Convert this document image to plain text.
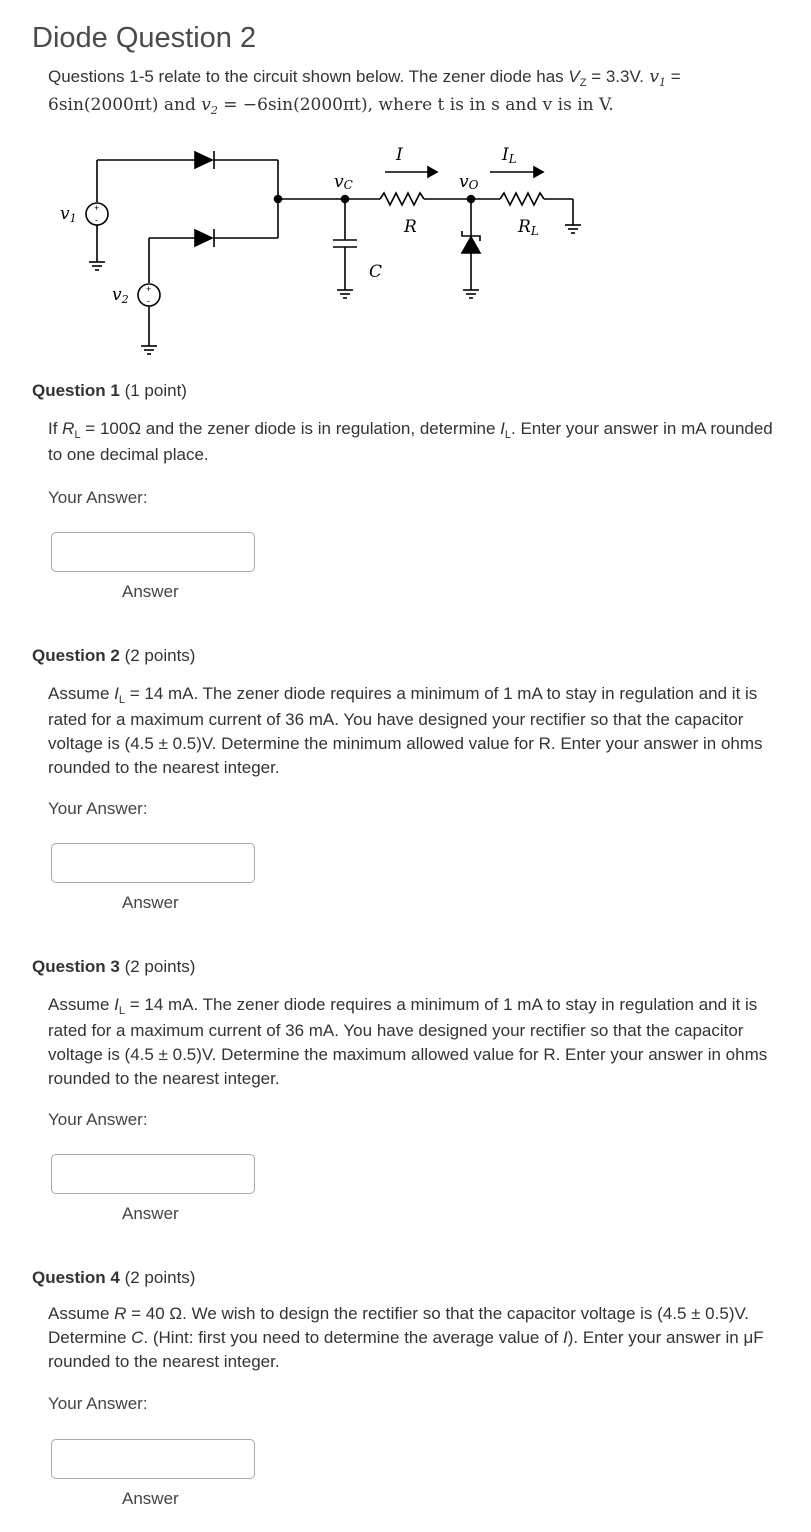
Diode Question 2
Questions 1-5 relate to the circuit shown below. The zener diode has $V_Z = 3.3V$. $v_1$ =
6sin(2000πt) and $v_2 = -6\sin(2000\pi t)$, where t is in s and v is in V.
+
-
+
-
v1
v2
vC	vO
I	IL
R	RL
C
Question 1 (1 point)
If $R_L = 100\Omega$ and the zener diode is in regulation, determine $I_L$. Enter your answer in mA rounded to one decimal place.
Your Answer:
Answer
Question 2 (2 points)
Assume $I_L = 14$ mA. The zener diode requires a minimum of 1 mA to stay in regulation and it is rated for a maximum current of 36 mA. You have designed your rectifier so that the capacitor voltage is (4.5 ± 0.5)V. Determine the minimum allowed value for R. Enter your answer in ohms rounded to the nearest integer.
Your Answer:
Answer
Question 3 (2 points)
Assume $I_L = 14$ mA. The zener diode requires a minimum of 1 mA to stay in regulation and it is rated for a maximum current of 36 mA. You have designed your rectifier so that the capacitor voltage is (4.5 ± 0.5)V. Determine the maximum allowed value for R. Enter your answer in ohms rounded to the nearest integer.
Your Answer:
Answer
Question 4 (2 points)
Assume R = 40 Ω. We wish to design the rectifier so that the capacitor voltage is (4.5 ± 0.5)V. Determine C. (Hint: first you need to determine the average value of I). Enter your answer in μF rounded to the nearest integer.
Your Answer:
Answer
